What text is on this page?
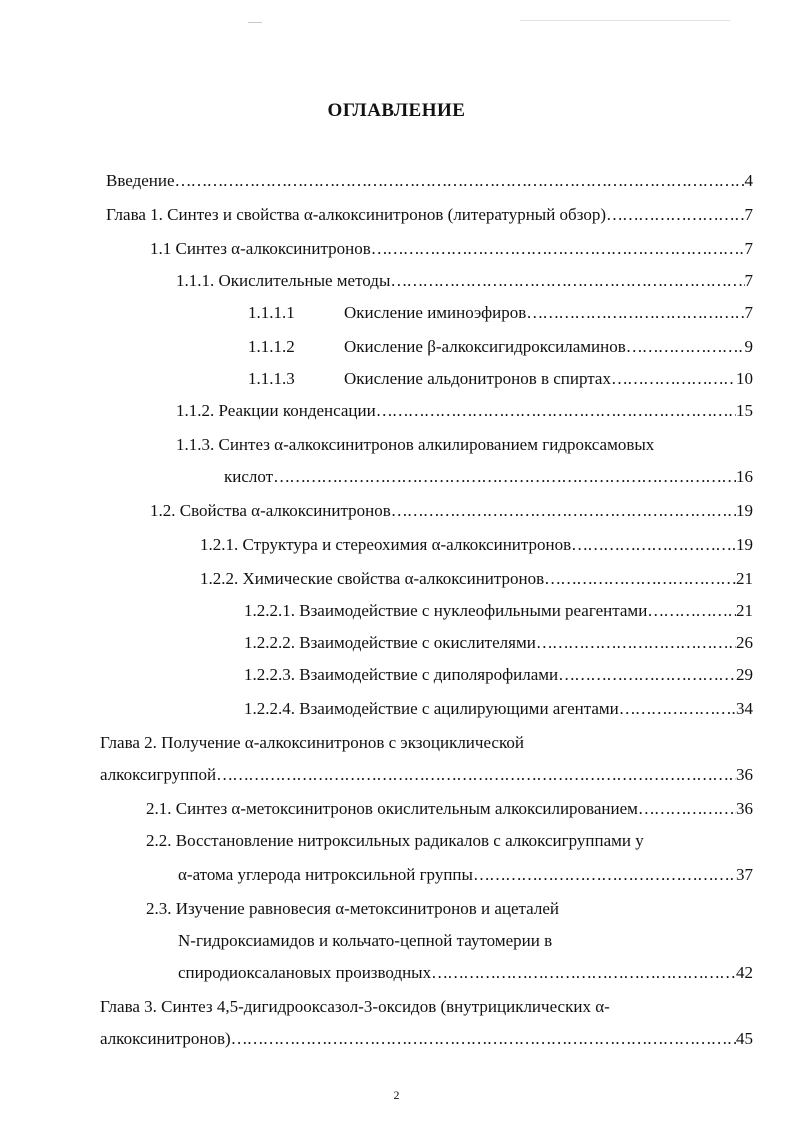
ОГЛАВЛЕНИЕ
Введение ……………………………………………………………………………………………………………………………………………………………	4
Глава 1. Синтез и свойства α-алкоксинитронов (литературный обзор) ……………………………………………………………………………………………………………………………………………………………	7
1.1 Синтез α-алкоксинитронов ……………………………………………………………………………………………………………………………………………………………	7
1.1.1. Окислительные методы ……………………………………………………………………………………………………………………………………………………………	7
1.1.1.1	Окисление иминоэфиров ……………………………………………………………………………………………………………………………………………………………	7
1.1.1.2	Окисление β-алкоксигидроксиламинов ……………………………………………………………………………………………………………………………………………………………	9
1.1.1.3	Окисление альдонитронов в спиртах ……………………………………………………………………………………………………………………………………………………………	10
1.1.2. Реакции конденсации ……………………………………………………………………………………………………………………………………………………………	15
1.1.3. Синтез α-алкоксинитронов алкилированием гидроксамовых
кислот ……………………………………………………………………………………………………………………………………………………………	16
1.2. Свойства α-алкоксинитронов ……………………………………………………………………………………………………………………………………………………………	19
1.2.1. Структура и стереохимия α-алкоксинитронов ……………………………………………………………………………………………………………………………………………………………	19
1.2.2. Химические свойства α-алкоксинитронов ……………………………………………………………………………………………………………………………………………………………	21
1.2.2.1. Взаимодействие с нуклеофильными реагентами ……………………………………………………………………………………………………………………………………………………………	21
1.2.2.2. Взаимодействие с окислителями ……………………………………………………………………………………………………………………………………………………………	26
1.2.2.3. Взаимодействие с диполярофилами ……………………………………………………………………………………………………………………………………………………………	29
1.2.2.4. Взаимодействие с ацилирующими агентами ……………………………………………………………………………………………………………………………………………………………	34
Глава 2. Получение α-алкоксинитронов с экзоциклической
алкоксигруппой ……………………………………………………………………………………………………………………………………………………………	36
2.1. Синтез α-метоксинитронов окислительным алкоксилированием ……………………………………………………………………………………………………………………………………………………………	36
2.2. Восстановление нитроксильных радикалов с алкоксигруппами у
α-атома углерода нитроксильной группы ……………………………………………………………………………………………………………………………………………………………	37
2.3. Изучение равновесия α-метоксинитронов и ацеталей
N-гидроксиамидов и кольчато-цепной таутомерии в
спиродиоксалановых производных ……………………………………………………………………………………………………………………………………………………………	42
Глава 3. Синтез 4,5-дигидрооксазол-3-оксидов (внутрициклических α-
алкоксинитронов) ……………………………………………………………………………………………………………………………………………………………	45
2
